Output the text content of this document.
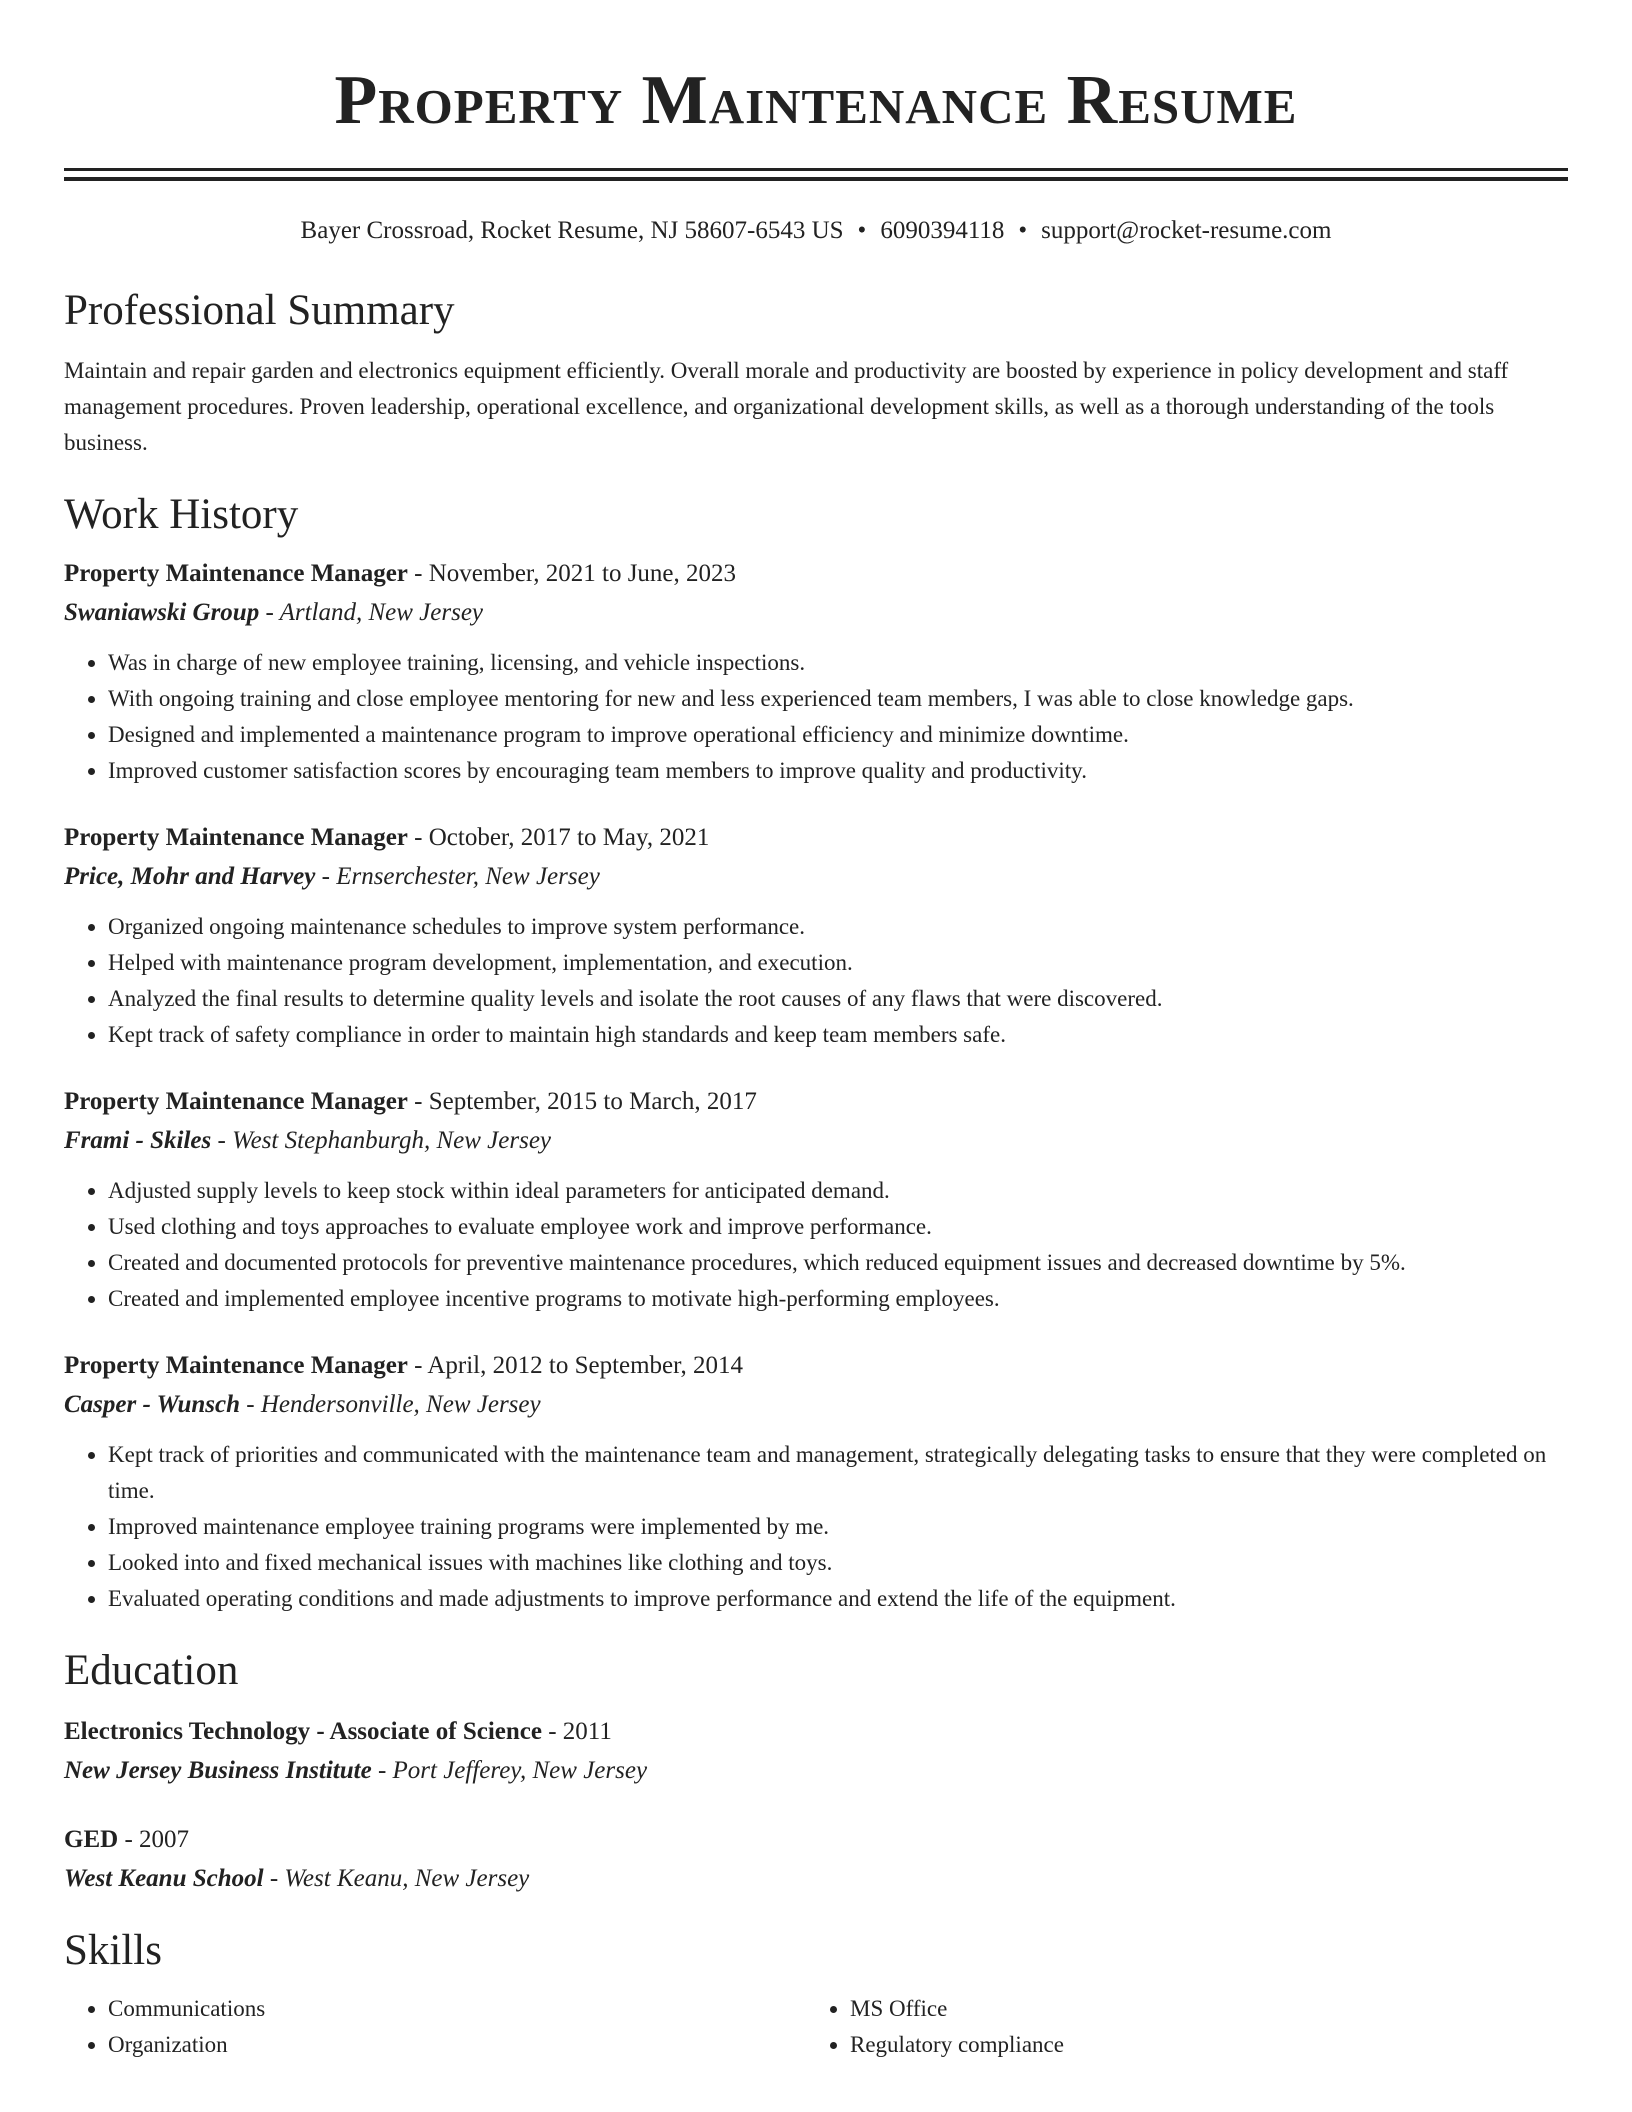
Property Maintenance Resume
Bayer Crossroad, Rocket Resume, NJ 58607-6543 US • 6090394118 • support@rocket-resume.com
Professional Summary
Maintain and repair garden and electronics equipment efficiently. Overall morale and productivity are boosted by experience in policy development and staff management procedures. Proven leadership, operational excellence, and organizational development skills, as well as a thorough understanding of the tools business.
Work History
Property Maintenance Manager - November, 2021 to June, 2023
Swaniawski Group - Artland, New Jersey
• Was in charge of new employee training, licensing, and vehicle inspections.
• With ongoing training and close employee mentoring for new and less experienced team members, I was able to close knowledge gaps.
• Designed and implemented a maintenance program to improve operational efficiency and minimize downtime.
• Improved customer satisfaction scores by encouraging team members to improve quality and productivity.
Property Maintenance Manager - October, 2017 to May, 2021
Price, Mohr and Harvey - Ernserchester, New Jersey
• Organized ongoing maintenance schedules to improve system performance.
• Helped with maintenance program development, implementation, and execution.
• Analyzed the final results to determine quality levels and isolate the root causes of any flaws that were discovered.
• Kept track of safety compliance in order to maintain high standards and keep team members safe.
Property Maintenance Manager - September, 2015 to March, 2017
Frami - Skiles - West Stephanburgh, New Jersey
• Adjusted supply levels to keep stock within ideal parameters for anticipated demand.
• Used clothing and toys approaches to evaluate employee work and improve performance.
• Created and documented protocols for preventive maintenance procedures, which reduced equipment issues and decreased downtime by 5%.
• Created and implemented employee incentive programs to motivate high-performing employees.
Property Maintenance Manager - April, 2012 to September, 2014
Casper - Wunsch - Hendersonville, New Jersey
• Kept track of priorities and communicated with the maintenance team and management, strategically delegating tasks to ensure that they were completed on time.
• Improved maintenance employee training programs were implemented by me.
• Looked into and fixed mechanical issues with machines like clothing and toys.
• Evaluated operating conditions and made adjustments to improve performance and extend the life of the equipment.
Education
Electronics Technology - Associate of Science - 2011
New Jersey Business Institute - Port Jefferey, New Jersey
GED - 2007
West Keanu School - West Keanu, New Jersey
Skills
• Communications
• Organization
• MS Office
• Regulatory compliance
